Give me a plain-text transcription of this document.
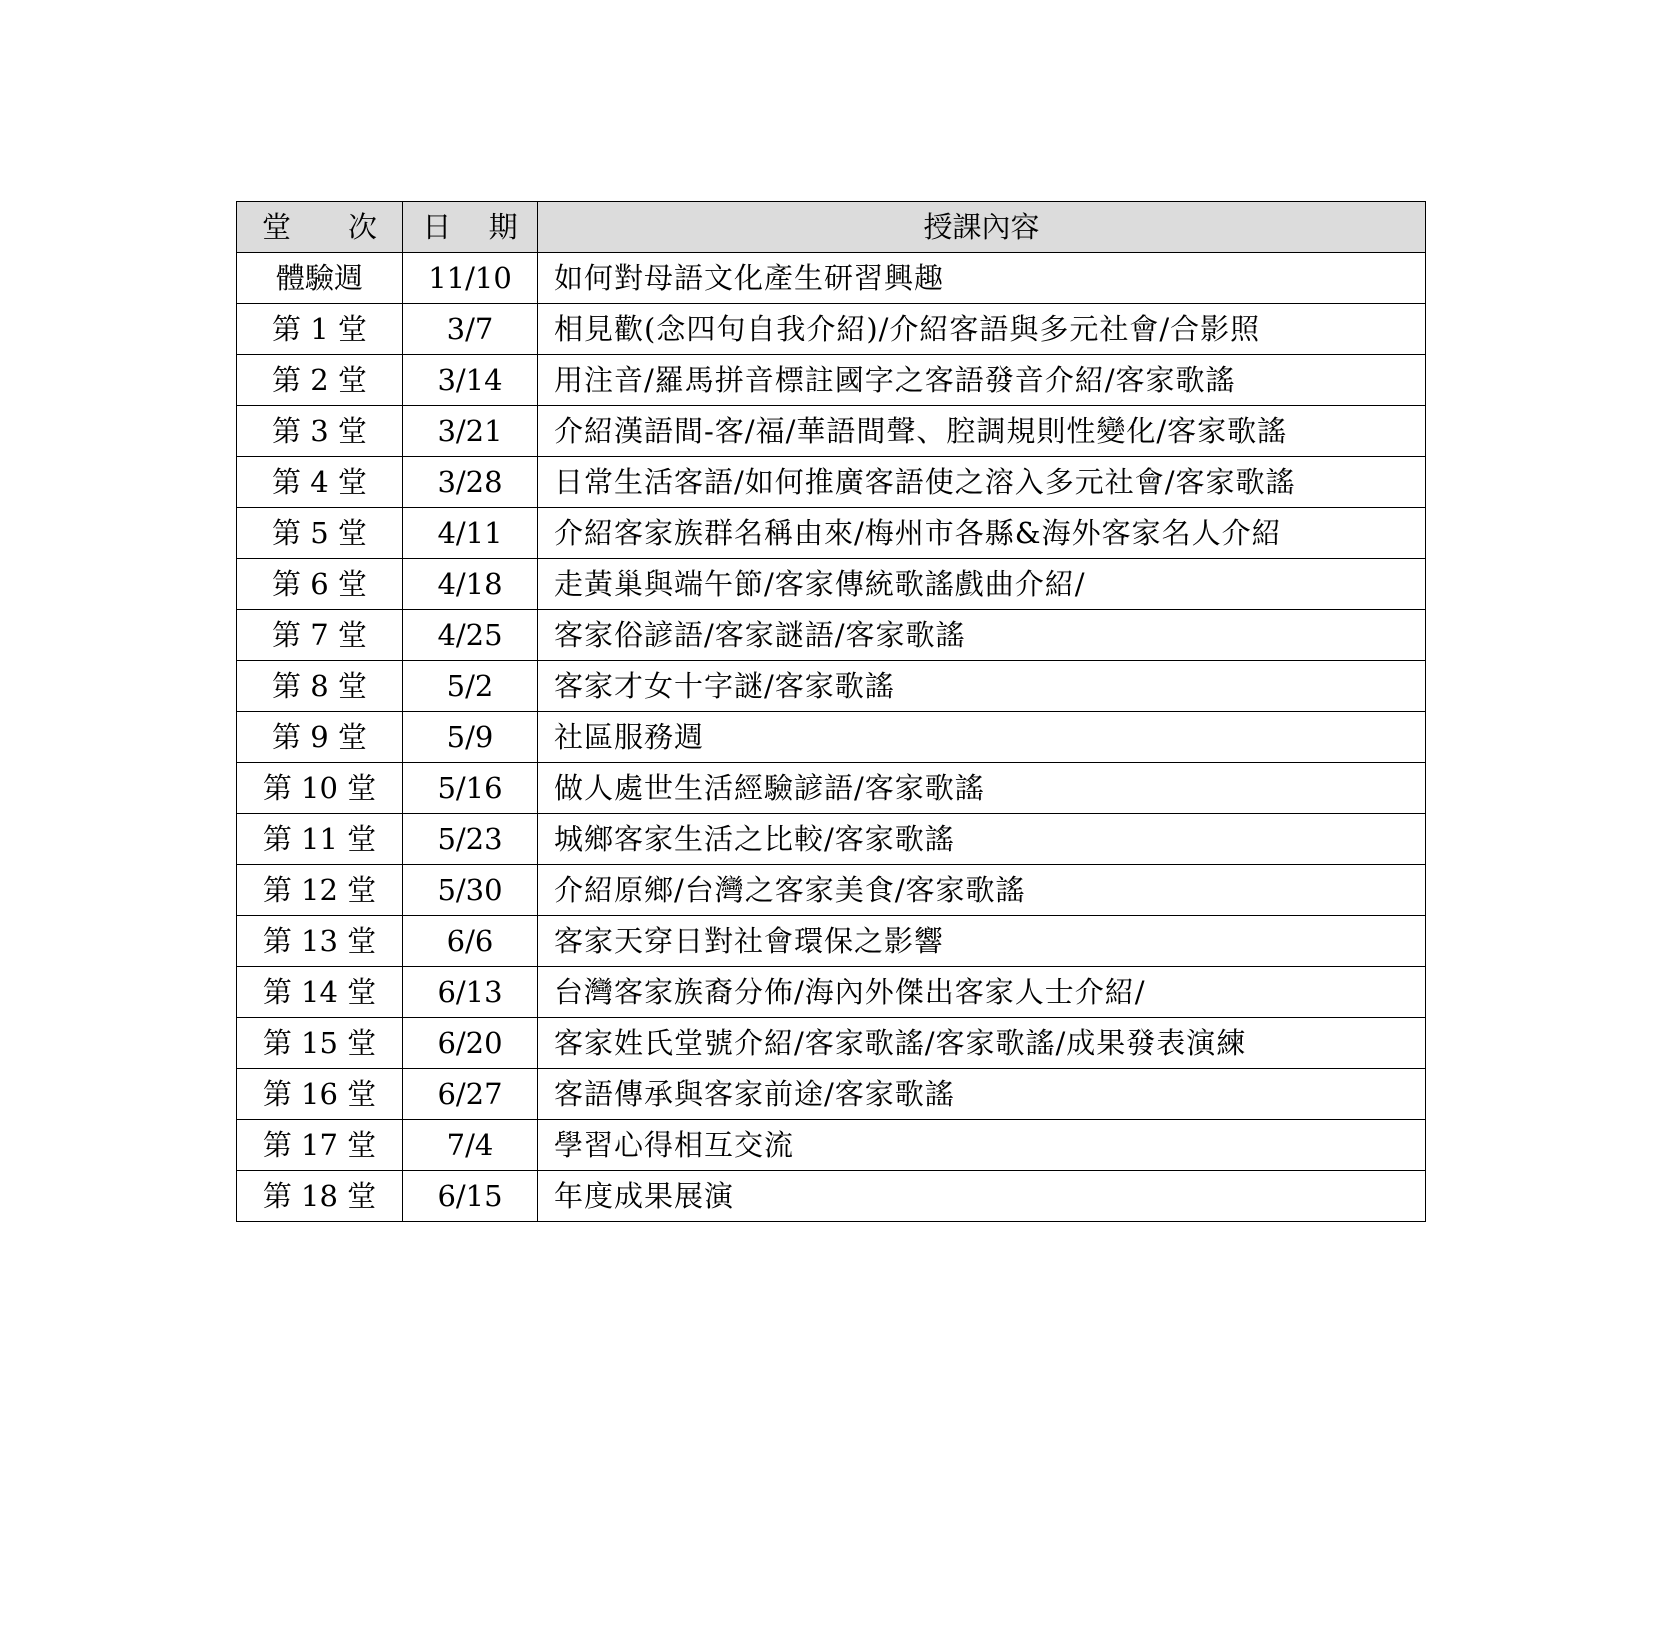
堂　次	日 期	授課內容
體驗週	11/10	如何對母語文化產生研習興趣
第 1 堂	3/7	相見歡(念四句自我介紹)/介紹客語與多元社會/合影照
第 2 堂	3/14	用注音/羅馬拼音標註國字之客語發音介紹/客家歌謠
第 3 堂	3/21	介紹漢語間-客/福/華語間聲、腔調規則性變化/客家歌謠
第 4 堂	3/28	日常生活客語/如何推廣客語使之溶入多元社會/客家歌謠
第 5 堂	4/11	介紹客家族群名稱由來/梅州市各縣&海外客家名人介紹
第 6 堂	4/18	走黃巢與端午節/客家傳統歌謠戲曲介紹/
第 7 堂	4/25	客家俗諺語/客家謎語/客家歌謠
第 8 堂	5/2	客家才女十字謎/客家歌謠
第 9 堂	5/9	社區服務週
第 10 堂	5/16	做人處世生活經驗諺語/客家歌謠
第 11 堂	5/23	城鄉客家生活之比較/客家歌謠
第 12 堂	5/30	介紹原鄉/台灣之客家美食/客家歌謠
第 13 堂	6/6	客家天穿日對社會環保之影響
第 14 堂	6/13	台灣客家族裔分佈/海內外傑出客家人士介紹/
第 15 堂	6/20	客家姓氏堂號介紹/客家歌謠/客家歌謠/成果發表演練
第 16 堂	6/27	客語傳承與客家前途/客家歌謠
第 17 堂	7/4	學習心得相互交流
第 18 堂	6/15	年度成果展演
